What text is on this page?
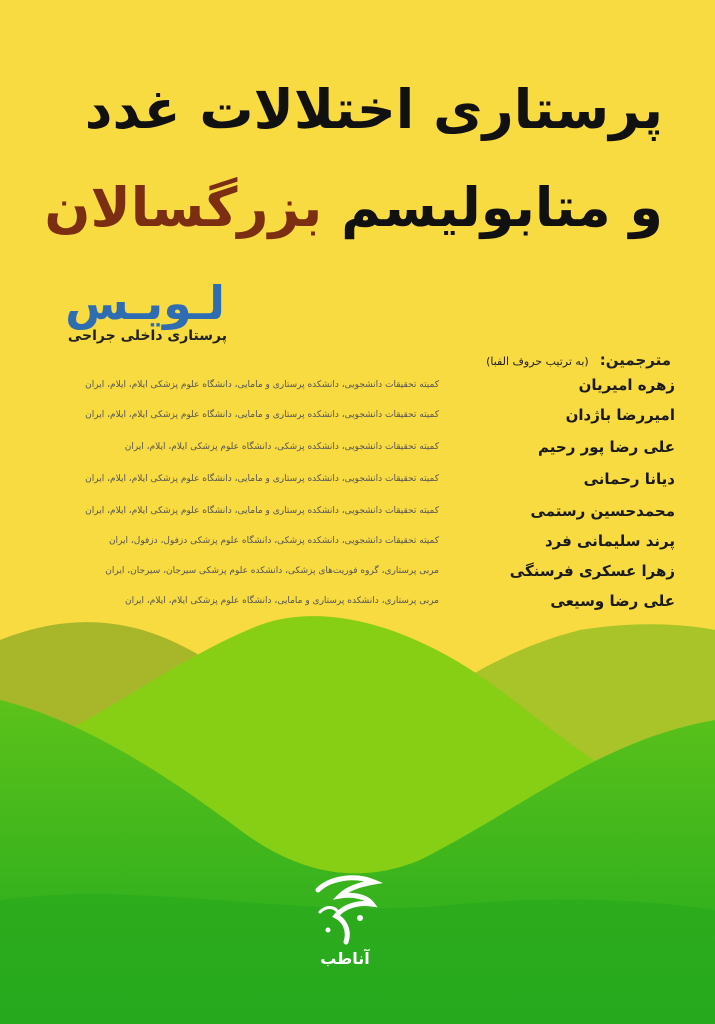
پرستاری اختلالات غدد
و متابولیسم بزرگسالان
لـویـس
پرستاری داخلی جراحی
مترجمین: (به ترتیب حروف الفبا)
زهره امیریان
کمیته تحقیقات دانشجویی، دانشکده پرستاری و مامایی، دانشگاه علوم پزشکی ایلام، ایلام، ایران
امیررضا باژدان
کمیته تحقیقات دانشجویی، دانشکده پرستاری و مامایی، دانشگاه علوم پزشکی ایلام، ایلام، ایران
علی رضا پور رحیم
کمیته تحقیقات دانشجویی، دانشکده پزشکی، دانشگاه علوم پزشکی ایلام، ایلام، ایران
دیانا رحمانی
کمیته تحقیقات دانشجویی، دانشکده پرستاری و مامایی، دانشگاه علوم پزشکی ایلام، ایلام، ایران
محمدحسین رستمی
کمیته تحقیقات دانشجویی، دانشکده پرستاری و مامایی، دانشگاه علوم پزشکی ایلام، ایلام، ایران
پرند سلیمانی فرد
کمیته تحقیقات دانشجویی، دانشکده پزشکی، دانشگاه علوم پزشکی دزفول، دزفول، ایران
زهرا عسکری فرسنگی
مربی پرستاری، گروه فوریت‌های پزشکی، دانشکده علوم پزشکی سیرجان، سیرجان، ایران
علی رضا وسیعی
مربی پرستاری، دانشکده پرستاری و مامایی، دانشگاه علوم پزشکی ایلام، ایلام، ایران
آناطب
